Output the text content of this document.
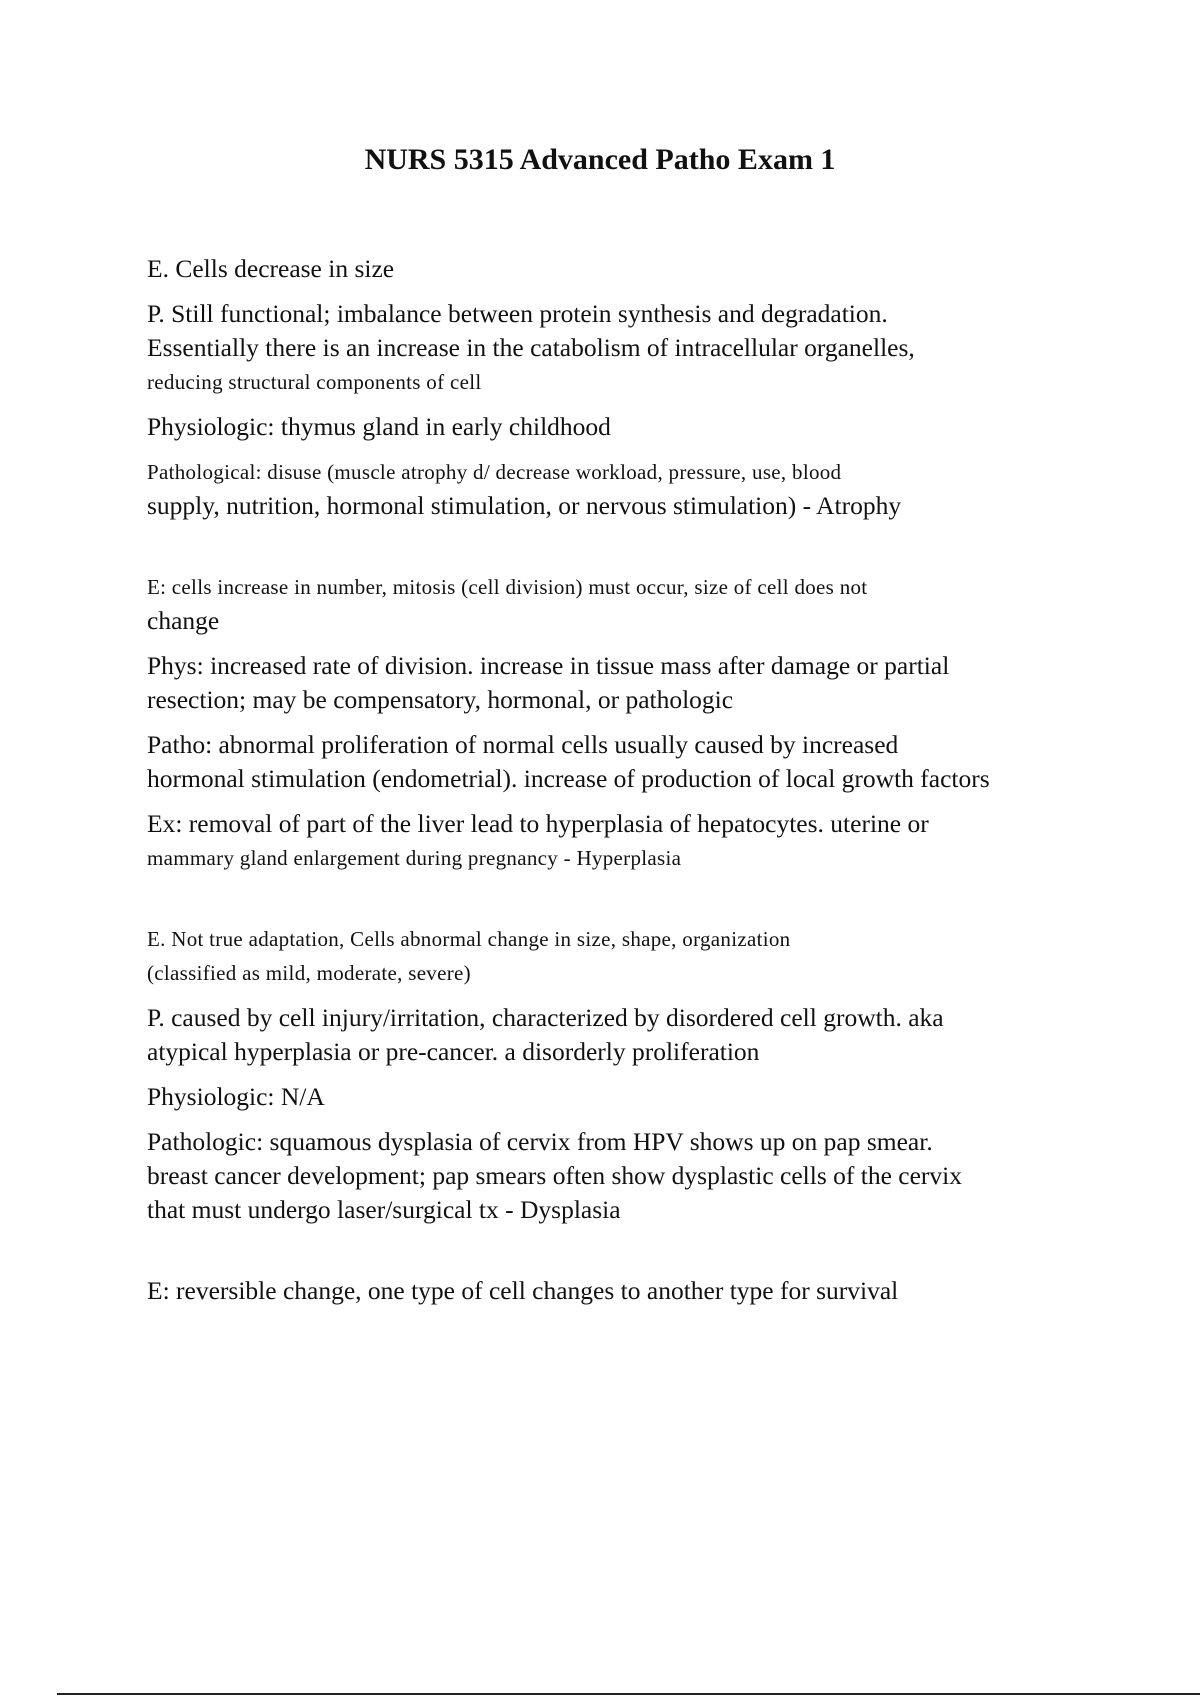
NURS 5315 Advanced Patho Exam 1
E. Cells decrease in size
P. Still functional; imbalance between protein synthesis and degradation.
Essentially there is an increase in the catabolism of intracellular organelles,
reducing structural components of cell
Physiologic: thymus gland in early childhood
Pathological: disuse (muscle atrophy d/ decrease workload, pressure, use, blood
supply, nutrition, hormonal stimulation, or nervous stimulation) - Atrophy
E: cells increase in number, mitosis (cell division) must occur, size of cell does not
change
Phys: increased rate of division. increase in tissue mass after damage or partial
resection; may be compensatory, hormonal, or pathologic
Patho: abnormal proliferation of normal cells usually caused by increased
hormonal stimulation (endometrial). increase of production of local growth factors
Ex: removal of part of the liver lead to hyperplasia of hepatocytes. uterine or
mammary gland enlargement during pregnancy - Hyperplasia
E. Not true adaptation, Cells abnormal change in size, shape, organization
(classified as mild, moderate, severe)
P. caused by cell injury/irritation, characterized by disordered cell growth. aka
atypical hyperplasia or pre-cancer. a disorderly proliferation
Physiologic: N/A
Pathologic: squamous dysplasia of cervix from HPV shows up on pap smear.
breast cancer development; pap smears often show dysplastic cells of the cervix
that must undergo laser/surgical tx - Dysplasia
E: reversible change, one type of cell changes to another type for survival
